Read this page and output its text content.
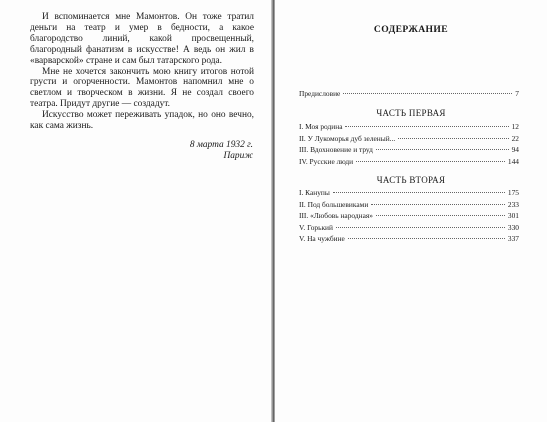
И вспоминается мне Мамонтов. Он тоже тратил деньги на театр и умер в бедности, а какое благородство линий, какой просвещенный, благородный фанатизм в искусстве! А ведь он жил в «варварской» стране и сам был татарского рода.

Мне не хочется закончить мою книгу итогов нотой грусти и огорченности. Мамонтов напомнил мне о светлом и творческом в жизни. Я не создал своего театра. Придут другие — создадут.

Искусство может переживать упадок, но оно вечно, как сама жизнь.

8 марта 1932 г.
Париж
СОДЕРЖАНИЕ
Предисловие	7
ЧАСТЬ ПЕРВАЯ
I. Моя родина	12
II. У Лукоморья дуб зеленый...	22
III. Вдохновение и труд	94
IV. Русские люди	144
ЧАСТЬ ВТОРАЯ
I. Канупы	175
II. Под большевиками	233
III. «Любовь народная»	301
V. Горький	330
V. На чужбине	337
